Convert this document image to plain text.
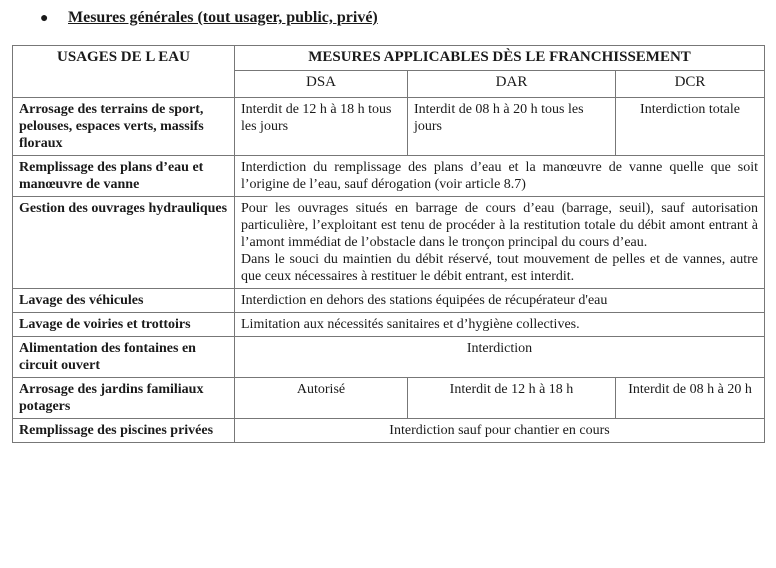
● Mesures générales (tout usager, public, privé)
USAGES DE L EAU	MESURES APPLICABLES DÈS LE FRANCHISSEMENT		
	DSA	DAR	DCR
Arrosage des terrains de sport, pelouses, espaces verts, massifs floraux	Interdit de 12 h à 18 h tous les jours	Interdit de 08 h à 20 h tous les jours	Interdiction totale
Remplissage des plans d’eau et manœuvre de vanne	Interdiction du remplissage des plans d’eau et la manœuvre de vanne quelle que soit l’origine de l’eau, sauf dérogation (voir article 8.7)		
Gestion des ouvrages hydrauliques	Pour les ouvrages situés en barrage de cours d’eau (barrage, seuil), sauf autorisation particulière, l’exploitant est tenu de procéder à la restitution totale du débit amont entrant à l’amont immédiat de l’obstacle dans le tronçon principal du cours d’eau.
Dans le souci du maintien du débit réservé, tout mouvement de pelles et de vannes, autre que ceux nécessaires à restituer le débit entrant, est interdit.		

Lavage des véhicules	Interdiction en dehors des stations équipées de récupérateur d'eau		
Lavage de voiries et trottoirs	Limitation aux nécessités sanitaires et d’hygiène collectives.		
Alimentation des fontaines en circuit ouvert	Interdiction		
Arrosage des jardins familiaux potagers	Autorisé	Interdit de 12 h à 18 h	Interdit de 08 h à 20 h
Remplissage des piscines privées	Interdiction sauf pour chantier en cours		
